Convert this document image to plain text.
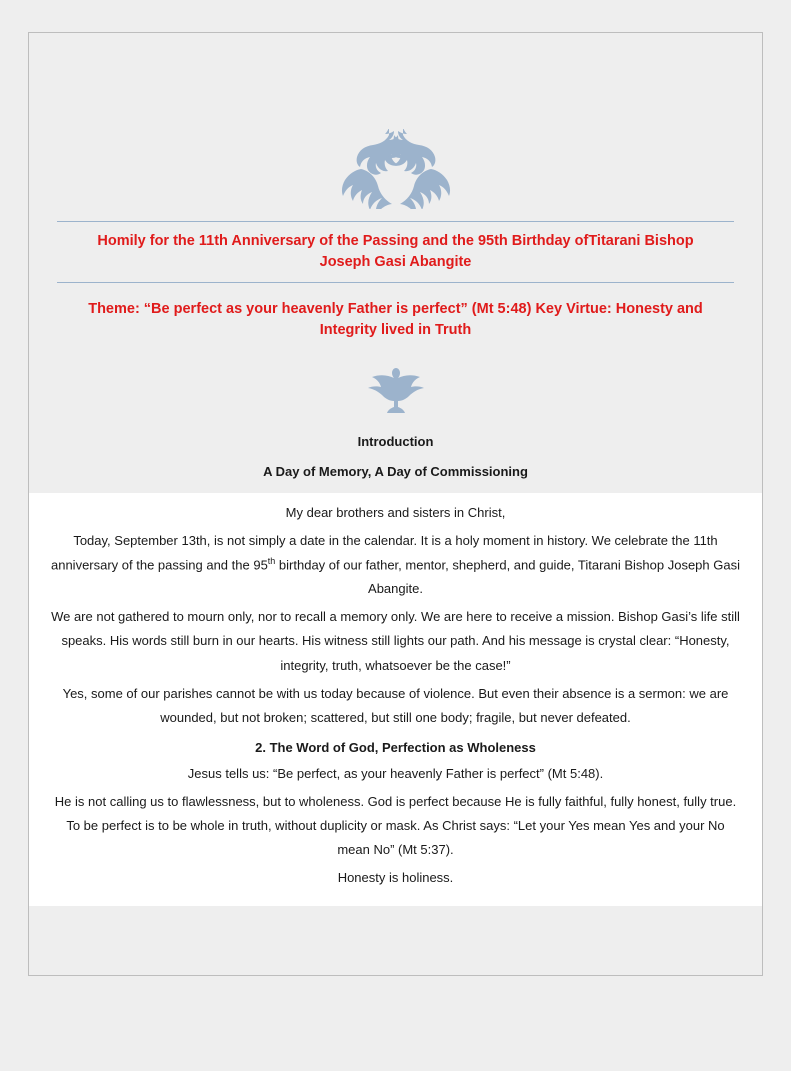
Homily for the 11th Anniversary of the Passing and the 95th Birthday ofTitarani Bishop Joseph Gasi Abangite
Theme: “Be perfect as your heavenly Father is perfect” (Mt 5:48) Key Virtue: Honesty and Integrity lived in Truth

Introduction

A Day of Memory, A Day of Commissioning

My dear brothers and sisters in Christ,

Today, September 13th, is not simply a date in the calendar. It is a holy moment in history. We celebrate the 11th anniversary of the passing and the 95th birthday of our father, mentor, shepherd, and guide, Titarani Bishop Joseph Gasi Abangite.

We are not gathered to mourn only, nor to recall a memory only. We are here to receive a mission. Bishop Gasi’s life still speaks. His words still burn in our hearts. His witness still lights our path. And his message is crystal clear: “Honesty, integrity, truth, whatsoever be the case!”

Yes, some of our parishes cannot be with us today because of violence. But even their absence is a sermon: we are wounded, but not broken; scattered, but still one body; fragile, but never defeated.

2. The Word of God, Perfection as Wholeness

Jesus tells us: “Be perfect, as your heavenly Father is perfect” (Mt 5:48).

He is not calling us to flawlessness, but to wholeness. God is perfect because He is fully faithful, fully honest, fully true. To be perfect is to be whole in truth, without duplicity or mask. As Christ says: “Let your Yes mean Yes and your No mean No” (Mt 5:37).

Honesty is holiness.
